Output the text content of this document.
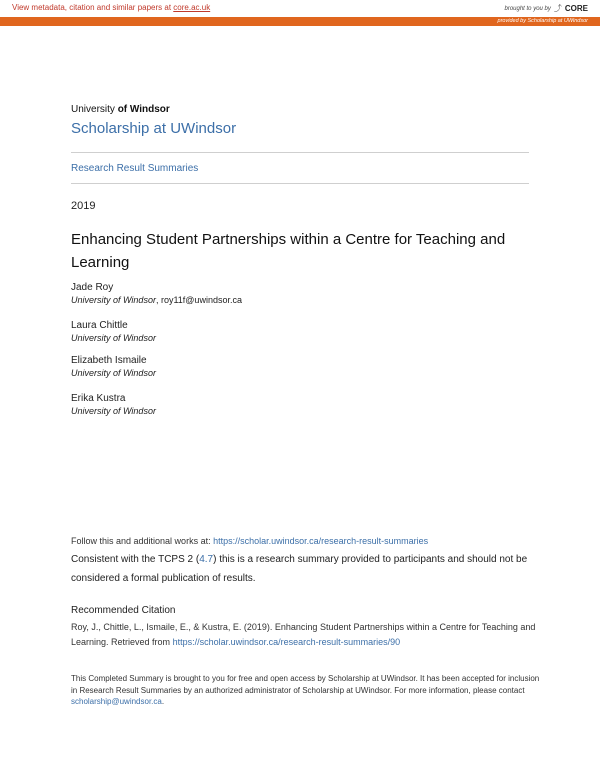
View metadata, citation and similar papers at core.ac.uk	brought to you by ⤴ CORE
provided by Scholarship at UWindsor
University of Windsor
Scholarship at UWindsor
Research Result Summaries
2019
Enhancing Student Partnerships within a Centre for Teaching and Learning
Jade Roy
University of Windsor, roy11f@uwindsor.ca
Laura Chittle
University of Windsor
Elizabeth Ismaile
University of Windsor
Erika Kustra
University of Windsor
Follow this and additional works at: https://scholar.uwindsor.ca/research-result-summaries
Consistent with the TCPS 2 (4.7) this is a research summary provided to participants and should not be considered a formal publication of results.
Recommended Citation
Roy, J., Chittle, L., Ismaile, E., & Kustra, E. (2019). Enhancing Student Partnerships within a Centre for Teaching and Learning. Retrieved from https://scholar.uwindsor.ca/research-result-summaries/90
This Completed Summary is brought to you for free and open access by Scholarship at UWindsor. It has been accepted for inclusion in Research Result Summaries by an authorized administrator of Scholarship at UWindsor. For more information, please contact scholarship@uwindsor.ca.
